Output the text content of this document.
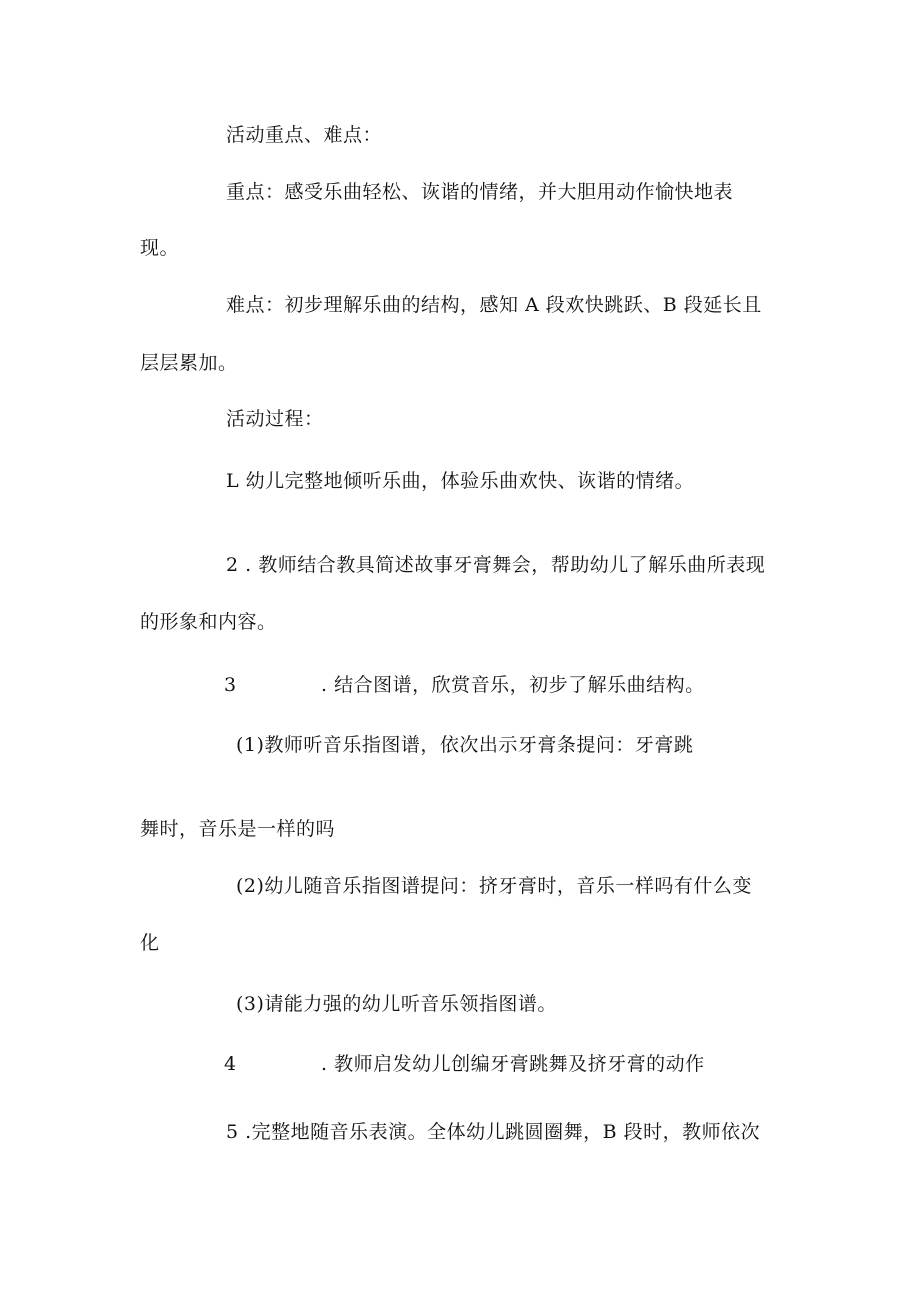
活动重点、难点：
重点：感受乐曲轻松、诙谐的情绪，并大胆用动作愉快地表
现。
难点：初步理解乐曲的结构，感知 A 段欢快跳跃、B 段延长且
层层累加。
活动过程：
L 幼儿完整地倾听乐曲，体验乐曲欢快、诙谐的情绪。
2 . 教师结合教具简述故事牙膏舞会，帮助幼儿了解乐曲所表现
的形象和内容。
3	. 结合图谱，欣赏音乐，初步了解乐曲结构。
(1)教师听音乐指图谱，依次出示牙膏条提问：牙膏跳
舞时，音乐是一样的吗
(2)幼儿随音乐指图谱提问：挤牙膏时，音乐一样吗有什么变
化
(3)请能力强的幼儿听音乐领指图谱。
4	. 教师启发幼儿创编牙膏跳舞及挤牙膏的动作
5 .完整地随音乐表演。全体幼儿跳圆圈舞，B 段时，教师依次
